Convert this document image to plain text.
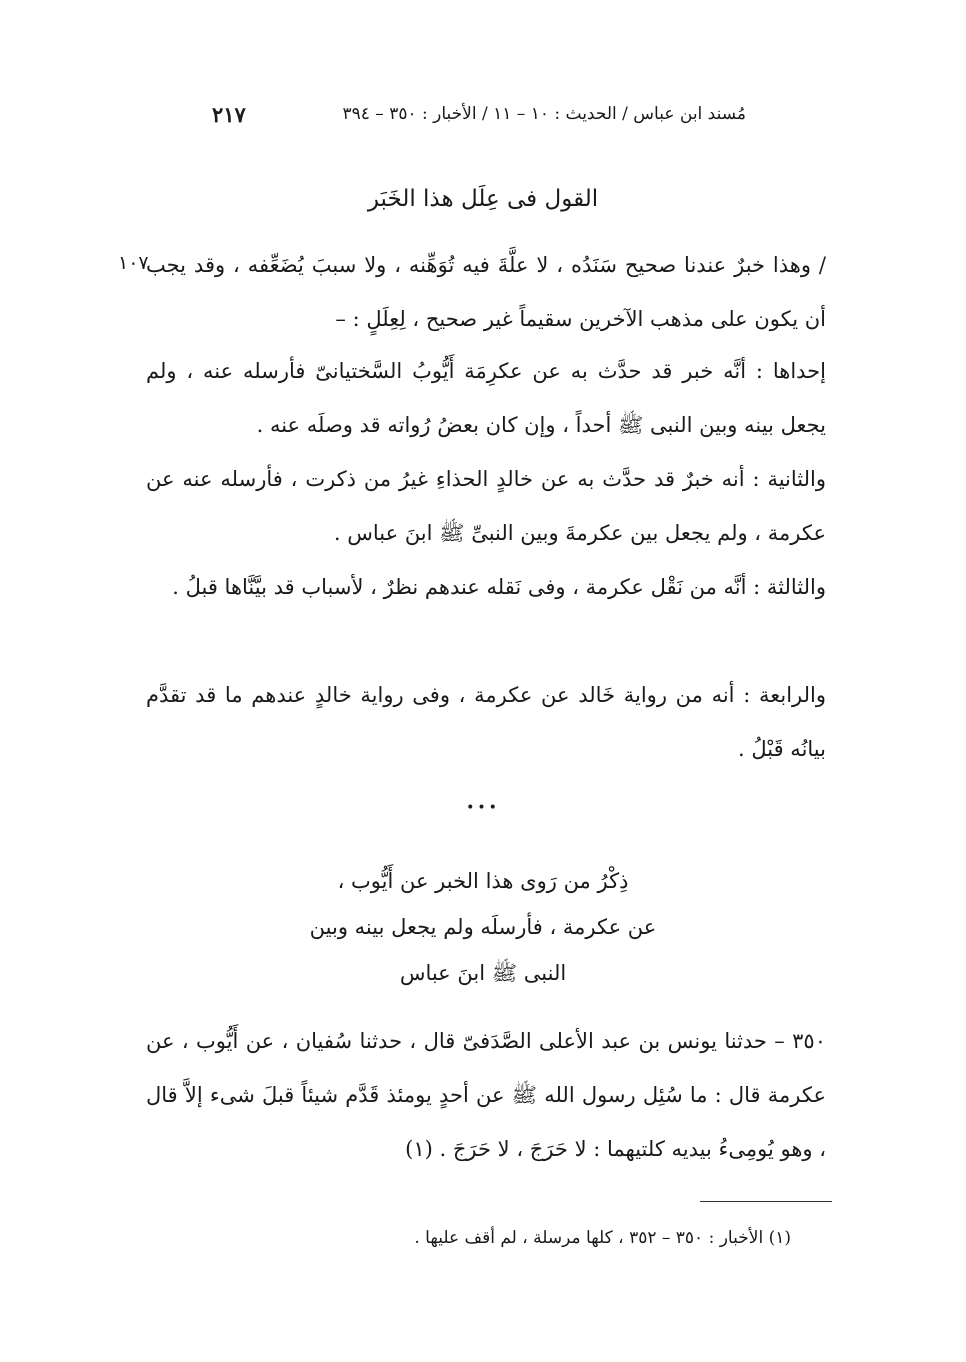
مُسند ابن عباس / الحديث : ١٠ – ١١ / الأخبار : ٣٥٠ – ٣٩٤
٢١٧
القول فى عِلَل هذا الخَبَر
١٠٧

/ وهذا خبرٌ عندنا صحيح سَنَدُه ، لا علَّةَ فيه تُوَهِّنه ، ولا سببَ يُضَعِّفه ، وقد يجب أن يكون على مذهب الآخرين سقيماً غير صحيح ، لِعِلَلٍ : –

إحداها : أنَّه خبر قد حدَّث به عن عكرِمَة أَيُّوبُ السَّختيانىّ فأرسله عنه ، ولم يجعل بينه وبين النبى ﷺ أحداً ، وإن كان بعضُ رُواته قد وصلَه عنه .

والثانية : أنه خبرٌ قد حدَّث به عن خالدٍ الحذاءِ غيرُ من ذكرت ، فأرسله عنه عن عكرمة ، ولم يجعل بين عكرمةَ وبين النبىِّ ﷺ ابنَ عباس .

والثالثة : أنَّه من نَقْل عكرمة ، وفى نَقله عندهم نظرٌ ، لأسباب قد بيَّنَّاها قبلُ .

والرابعة : أنه من رواية خَالد عن عكرمة ، وفى رواية خالدٍ عندهم ما قد تقدَّم بيانُه قَبْلُ .

•••
ذِكْرُ من رَوى هذا الخبر عن أَيُّوب ،
عن عكرمة ، فأرسلَه ولم يجعل بينه وبين
النبى ﷺ ابنَ عباس

٣٥٠ – حدثنا يونس بن عبد الأعلى الصَّدَفىّ قال ، حدثنا سُفيان ، عن أَيُّوب ، عن عكرمة قال : ما سُئِل رسول الله ﷺ عن أحدٍ يومئذ قَدَّم شيئاً قبلَ شىء إلاَّ قال ، وهو يُومِىءُ بيديه كلتيهما : لا حَرَجَ ، لا حَرَجَ . (١)

(١) الأخبار : ٣٥٠ – ٣٥٢ ، كلها مرسلة ، لم أقف عليها .
